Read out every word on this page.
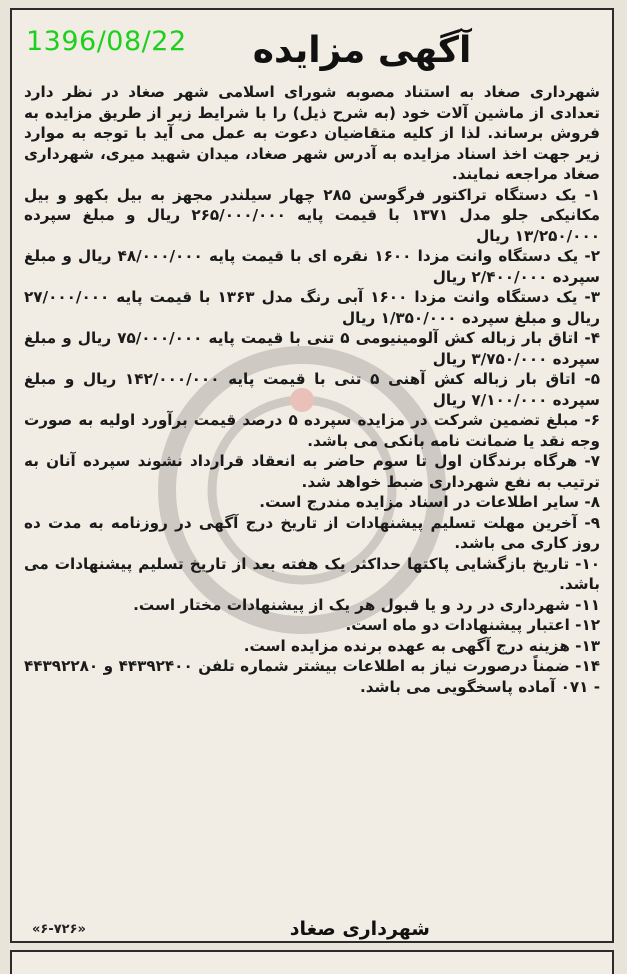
1396/08/22	آگهی مزایده

شهرداری صغاد به استناد مصوبه شورای اسلامی شهر صغاد در نظر دارد تعدادی از ماشین آلات خود (به شرح ذیل) را با شرایط زیر از طریق مزایده به فروش برساند. لذا از کلیه متقاضیان دعوت به عمل می آید با توجه به موارد زیر جهت اخذ اسناد مزایده به آدرس شهر صغاد، میدان شهید میری، شهرداری صغاد مراجعه نمایند.

۱- یک دستگاه تراکتور فرگوسن ۲۸۵ چهار سیلندر مجهز به بیل بکهو و بیل مکانیکی جلو مدل ۱۳۷۱ با قیمت پایه ۲۶۵/۰۰۰/۰۰۰ ریال و مبلغ سپرده ۱۳/۲۵۰/۰۰۰ ریال

۲- یک دستگاه وانت مزدا ۱۶۰۰ نقره ای با قیمت پایه ۴۸/۰۰۰/۰۰۰ ریال و مبلغ سپرده ۲/۴۰۰/۰۰۰ ریال

۳- یک دستگاه وانت مزدا ۱۶۰۰ آبی رنگ مدل ۱۳۶۳ با قیمت پایه ۲۷/۰۰۰/۰۰۰ ریال و مبلغ سپرده ۱/۳۵۰/۰۰۰ ریال

۴- اتاق بار زباله کش آلومینیومی ۵ تنی با قیمت پایه ۷۵/۰۰۰/۰۰۰ ریال و مبلغ سپرده ۳/۷۵۰/۰۰۰ ریال

۵- اتاق بار زباله کش آهنی ۵ تنی با قیمت پایه ۱۴۲/۰۰۰/۰۰۰ ریال و مبلغ سپرده ۷/۱۰۰/۰۰۰ ریال

۶- مبلغ تضمین شرکت در مزایده سپرده ۵ درصد قیمت برآورد اولیه به صورت وجه نقد یا ضمانت نامه بانکی می باشد.

۷- هرگاه برندگان اول تا سوم حاضر به انعقاد قرارداد نشوند سپرده آنان به ترتیب به نفع شهرداری ضبط خواهد شد.

۸- سایر اطلاعات در اسناد مزایده مندرج است.

۹- آخرین مهلت تسلیم پیشنهادات از تاریخ درج آگهی در روزنامه به مدت ده روز کاری می باشد.

۱۰- تاریخ بازگشایی پاکتها حداکثر یک هفته بعد از تاریخ تسلیم پیشنهادات می باشد.

۱۱- شهرداری در رد و یا قبول هر یک از پیشنهادات مختار است.

۱۲- اعتبار پیشنهادات دو ماه است.

۱۳- هزینه درج آگهی به عهده برنده مزایده است.

۱۴- ضمناً درصورت نیاز به اطلاعات بیشتر شماره تلفن ۴۴۳۹۲۴۰۰ و ۴۴۳۹۲۲۸۰ - ۰۷۱ آماده پاسخگویی می باشد.

شهرداری صغاد
«۶-۷۲۶»
